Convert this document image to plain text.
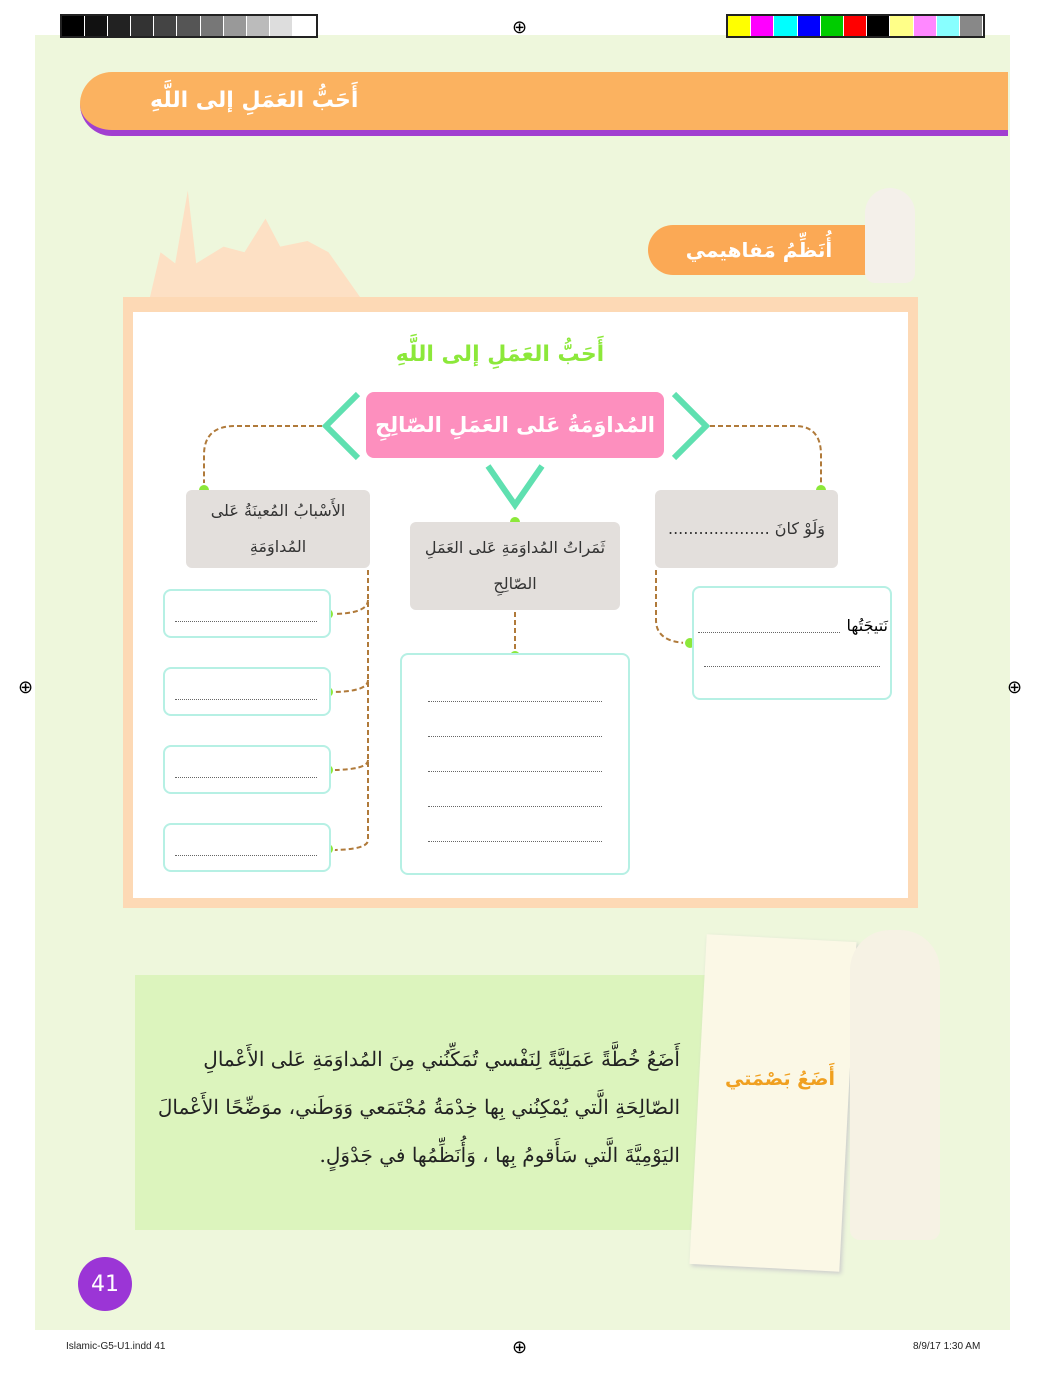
⊕
أَحَبُّ العَمَلِ إلى اللَّهِ
أُنَظِّمُ مَفاهيمي
أَحَبُّ العَمَلِ إلى اللَّهِ
المُداوَمَةُ عَلى العَمَلِ الصّالِحِ
الأَسْبابُ المُعينَةُ عَلى المُداوَمَةِ	ثَمَراتُ المُداوَمَةِ عَلى العَمَلِ الصّالِحِ
وَلَوْ كانَ ....................
نَتيجَتُها
أَضَعُ خُطَّةً عَمَلِيَّةً لِنَفْسي تُمَكِّنُني مِنَ المُداوَمَةِ عَلى الأَعْمالِ الصّالِحَةِ الَّتي يُمْكِنُني بِها خِدْمَةُ مُجْتَمَعي وَوَطَني، موَضِّحًا الأَعْمالَ اليَوْمِيَّةَ الَّتي سَأَقومُ بِها ، وَأُنَظِّمُها في جَدْوَلٍ.
أَضَعُ بَصْمَتي
41
⊕	⊕
⊕
Islamic-G5-U1.indd 41	8/9/17 1:30 AM
